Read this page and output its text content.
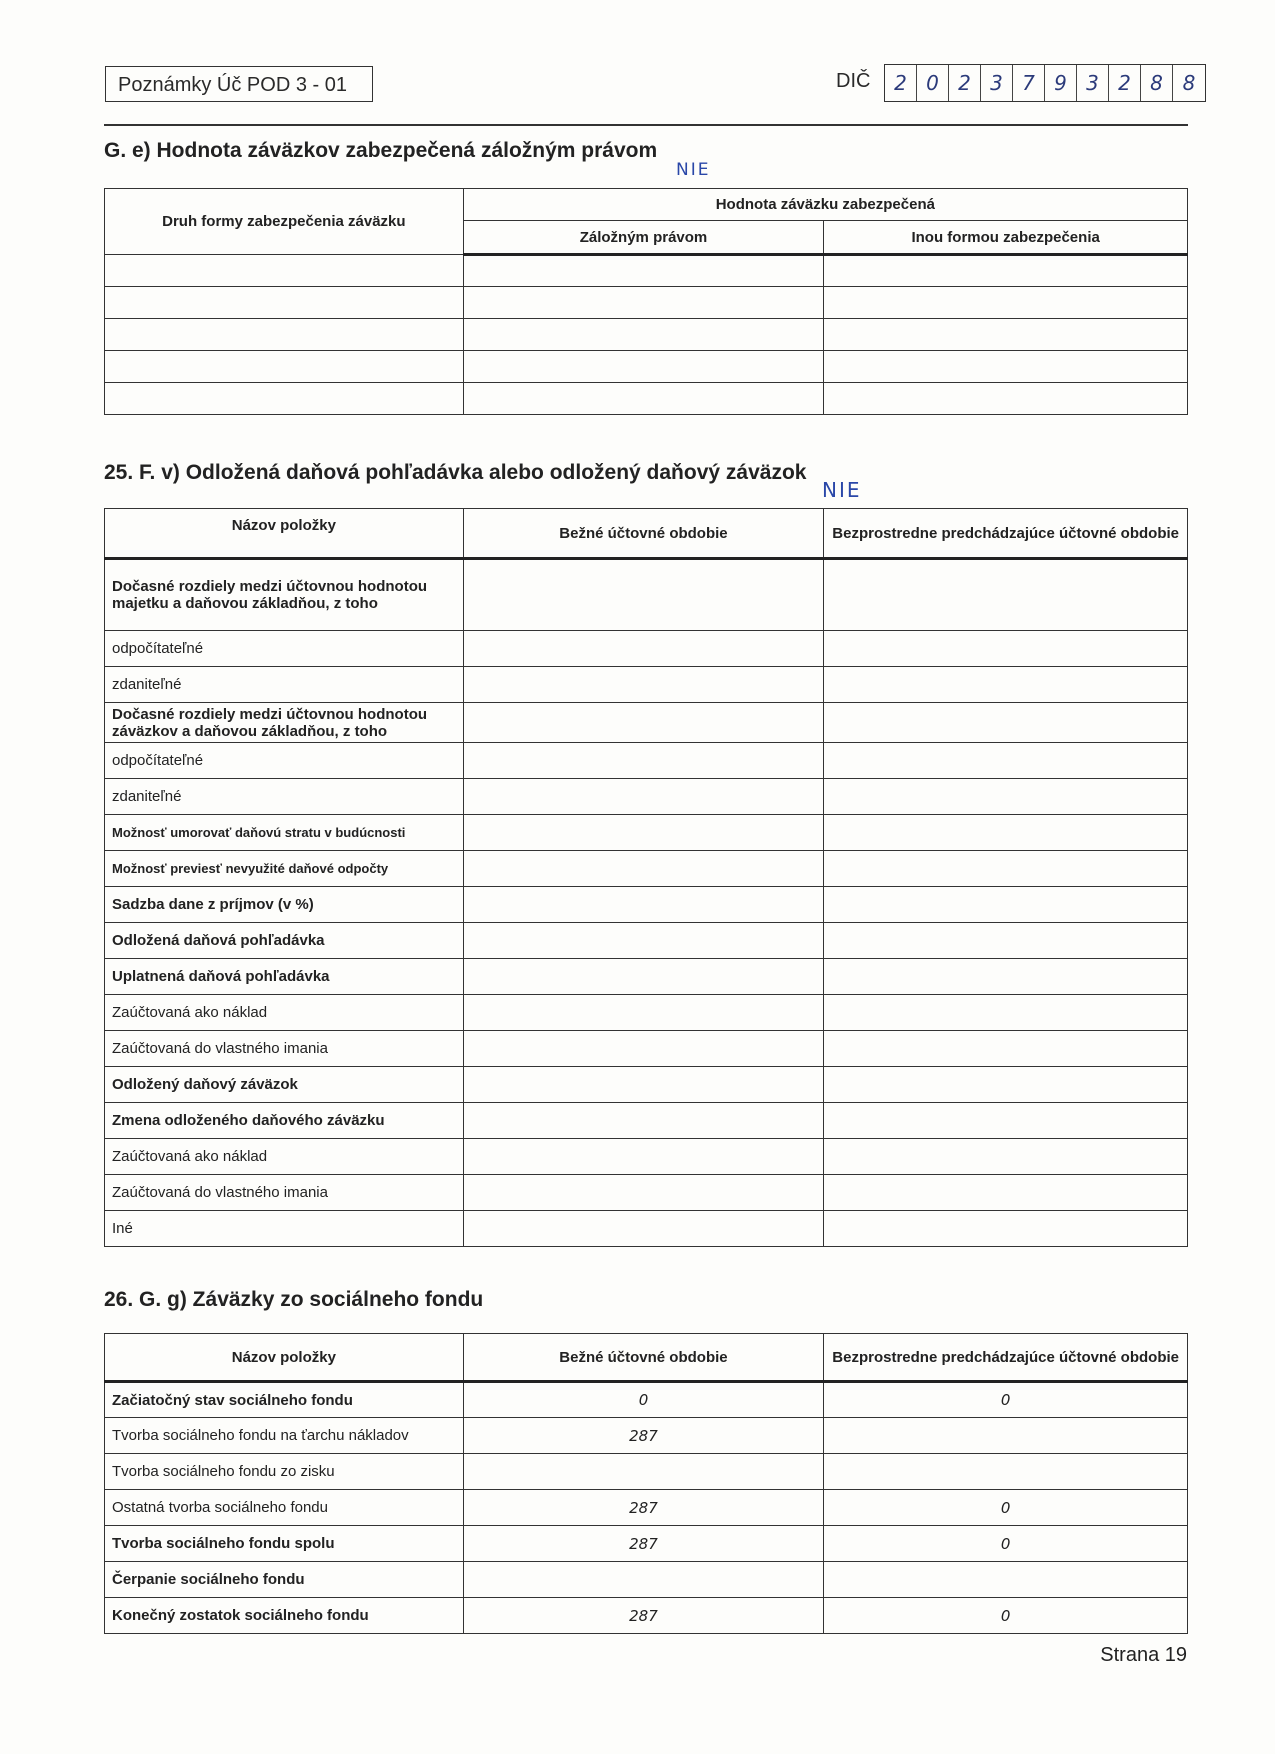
Poznámky Úč POD 3 - 01	DIČ	2 0 2 3 7 9 3 2 8 8
G. e) Hodnota záväzkov zabezpečená záložným právom
NIE
Druh formy zabezpečenia záväzku	Hodnota záväzku zabezpečená	
	Záložným právom	Inou formou zabezpečenia

25. F. v) Odložená daňová pohľadávka alebo odložený daňový záväzok
NIE
Názov položky	Bežné účtovné obdobie	Bezprostredne predchádzajúce účtovné obdobie
Dočasné rozdiely medzi účtovnou hodnotou majetku a daňovou základňou, z toho		
odpočítateľné		
zdaniteľné		
Dočasné rozdiely medzi účtovnou hodnotou záväzkov a daňovou základňou, z toho		
odpočítateľné		
zdaniteľné		
Možnosť umorovať daňovú stratu v budúcnosti		
Možnosť previesť nevyužité daňové odpočty		
Sadzba dane z príjmov (v %)		
Odložená daňová pohľadávka		
Uplatnená daňová pohľadávka		
Zaúčtovaná ako náklad		
Zaúčtovaná do vlastného imania		
Odložený daňový záväzok		
Zmena odloženého daňového záväzku		
Zaúčtovaná ako náklad		
Zaúčtovaná do vlastného imania		
Iné		
26. G. g) Záväzky zo sociálneho fondu
Názov položky	Bežné účtovné obdobie	Bezprostredne predchádzajúce účtovné obdobie
Začiatočný stav sociálneho fondu	0	0
Tvorba sociálneho fondu na ťarchu nákladov	287	
Tvorba sociálneho fondu zo zisku		
Ostatná tvorba sociálneho fondu	287	0
Tvorba sociálneho fondu spolu	287	0
Čerpanie sociálneho fondu		
Konečný zostatok sociálneho fondu	287	0
Strana 19
